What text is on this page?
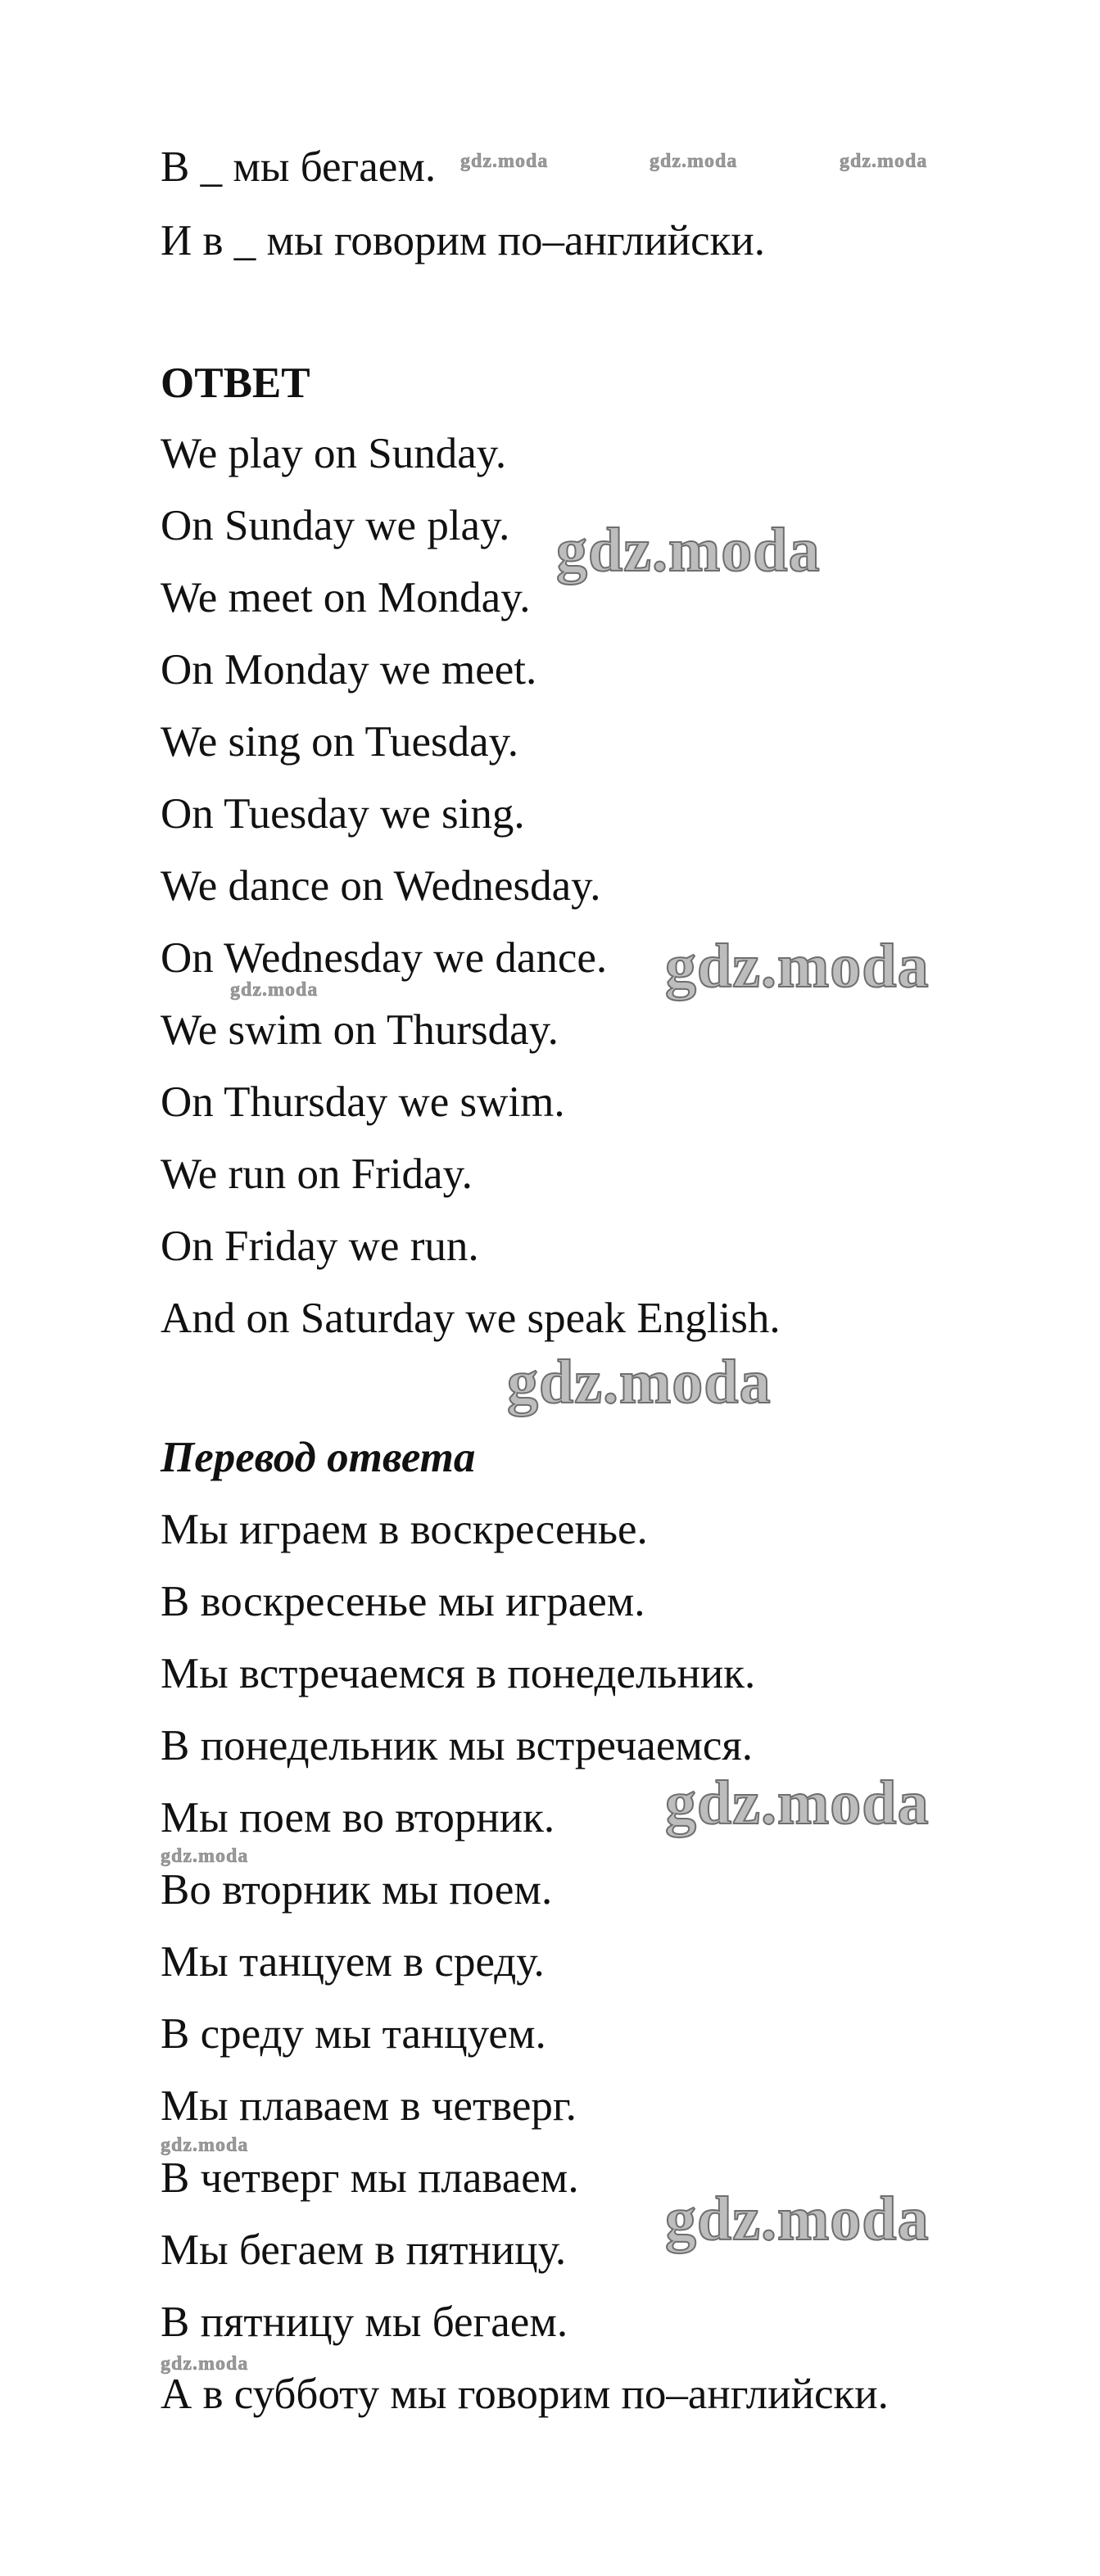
В _ мы бегаем.
И в _ мы говорим по–английски.
ОТВЕТ
We play on Sunday.
On Sunday we play.
We meet on Monday.
On Monday we meet.
We sing on Tuesday.
On Tuesday we sing.
We dance on Wednesday.
On Wednesday we dance.
We swim on Thursday.
On Thursday we swim.
We run on Friday.
On Friday we run.
And on Saturday we speak English.
Перевод ответа
Мы играем в воскресенье.
В воскресенье мы играем.
Мы встречаемся в понедельник.
В понедельник мы встречаемся.
Мы поем во вторник.
Во вторник мы поем.
Мы танцуем в среду.
В среду мы танцуем.
Мы плаваем в четверг.
В четверг мы плаваем.
Мы бегаем в пятницу.
В пятницу мы бегаем.
А в субботу мы говорим по–английски.
gdz.moda	gdz.moda	gdz.moda
gdz.moda
gdz.moda
gdz.moda
gdz.moda
gdz.moda
gdz.moda
gdz.moda
gdz.moda
gdz.moda
